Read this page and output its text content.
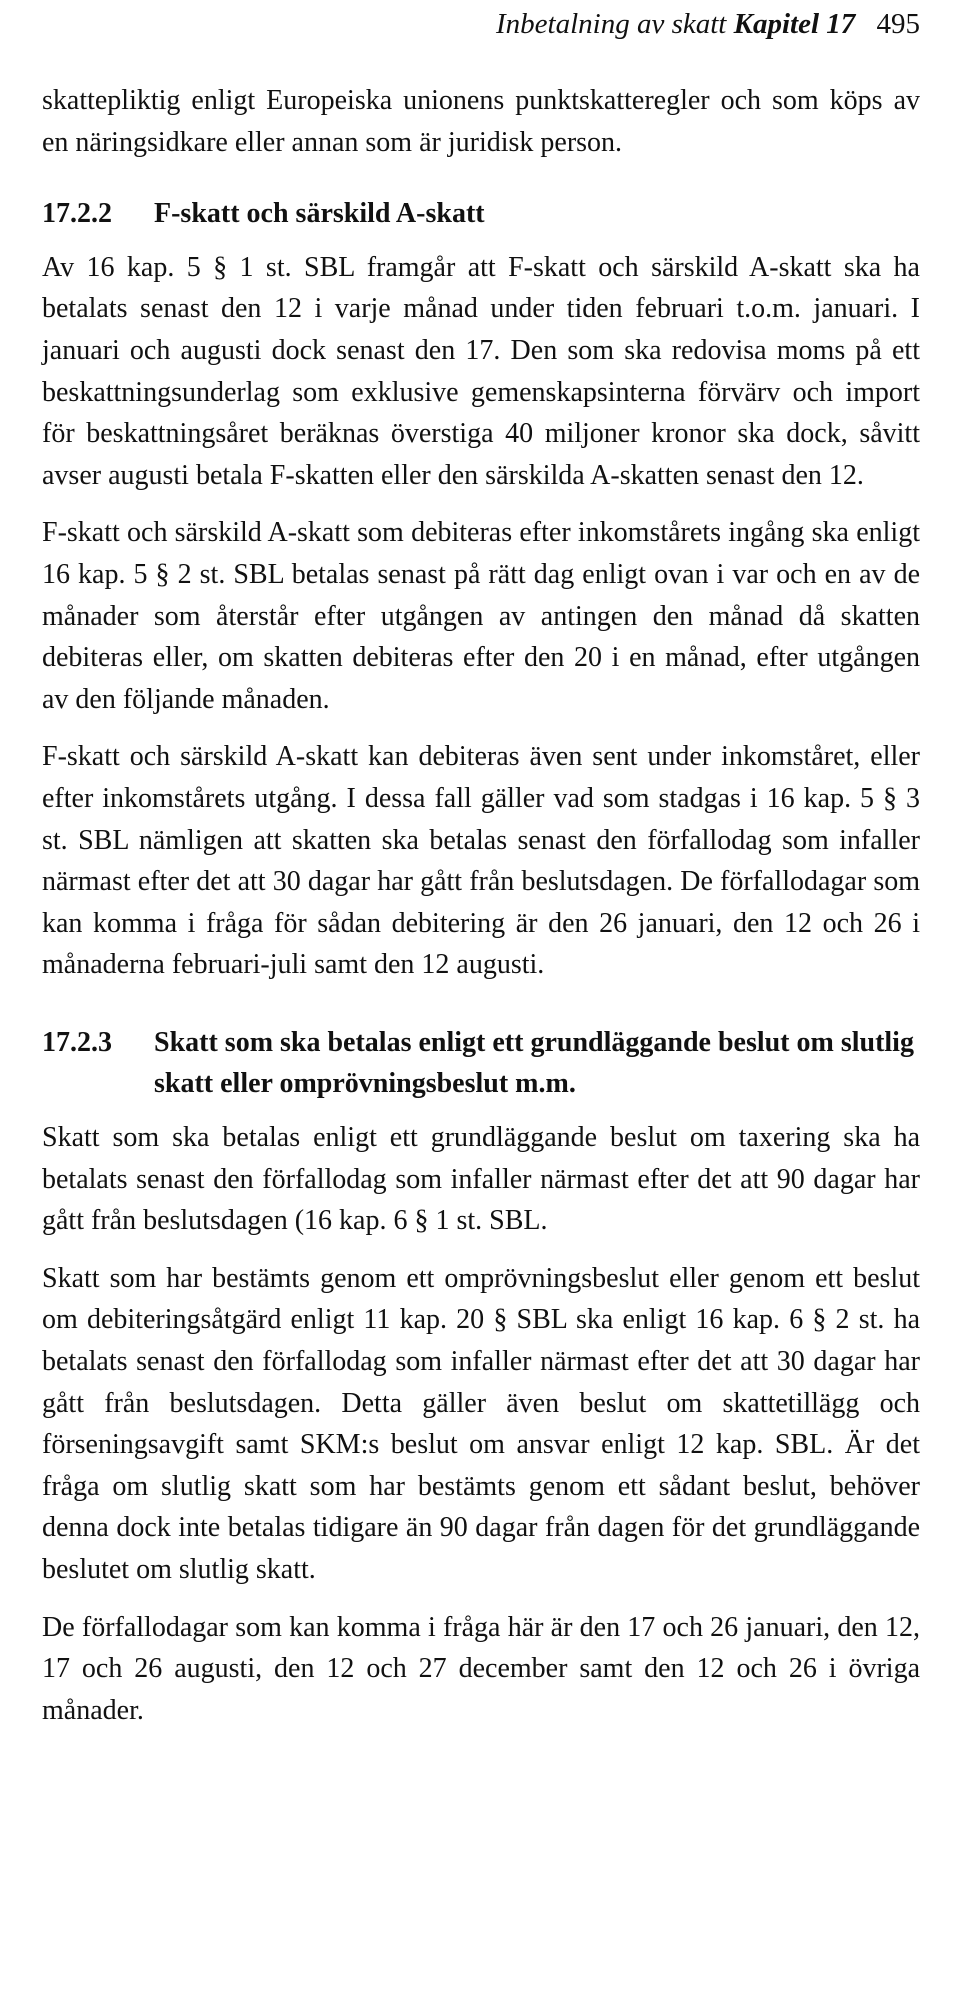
Inbetalning av skatt Kapitel 17 495

skattepliktig enligt Europeiska unionens punktskatteregler och som köps av en näringsidkare eller annan som är juridisk person.

17.2.2	F-skatt och särskild A-skatt

Av 16 kap. 5 § 1 st. SBL framgår att F-skatt och särskild A-skatt ska ha betalats senast den 12 i varje månad under tiden februari t.o.m. januari. I januari och augusti dock senast den 17. Den som ska redovisa moms på ett beskattningsunderlag som exklusive gemenskapsinterna förvärv och import för beskattningsåret beräknas överstiga 40 miljoner kronor ska dock, såvitt avser augusti betala F-skatten eller den särskilda A-skatten senast den 12.

F-skatt och särskild A-skatt som debiteras efter inkomstårets ingång ska enligt 16 kap. 5 § 2 st. SBL betalas senast på rätt dag enligt ovan i var och en av de månader som återstår efter utgången av antingen den månad då skatten debiteras eller, om skatten debiteras efter den 20 i en månad, efter utgången av den följande månaden.

F-skatt och särskild A-skatt kan debiteras även sent under inkomståret, eller efter inkomstårets utgång. I dessa fall gäller vad som stadgas i 16 kap. 5 § 3 st. SBL nämligen att skatten ska betalas senast den förfallodag som infaller närmast efter det att 30 dagar har gått från beslutsdagen. De förfallodagar som kan komma i fråga för sådan debitering är den 26 januari, den 12 och 26 i månaderna februari-juli samt den 12 augusti.

17.2.3	Skatt som ska betalas enligt ett grundläggande beslut om slutlig skatt eller omprövningsbeslut m.m.

Skatt som ska betalas enligt ett grundläggande beslut om taxering ska ha betalats senast den förfallodag som infaller närmast efter det att 90 dagar har gått från beslutsdagen (16 kap. 6 § 1 st. SBL.

Skatt som har bestämts genom ett omprövningsbeslut eller genom ett beslut om debiteringsåtgärd enligt 11 kap. 20 § SBL ska enligt 16 kap. 6 § 2 st. ha betalats senast den förfallodag som infaller närmast efter det att 30 dagar har gått från beslutsdagen. Detta gäller även beslut om skattetillägg och förseningsavgift samt SKM:s beslut om ansvar enligt 12 kap. SBL. Är det fråga om slutlig skatt som har bestämts genom ett sådant beslut, behöver denna dock inte betalas tidigare än 90 dagar från dagen för det grundläggande beslutet om slutlig skatt.

De förfallodagar som kan komma i fråga här är den 17 och 26 januari, den 12, 17 och 26 augusti, den 12 och 27 december samt den 12 och 26 i övriga månader.
